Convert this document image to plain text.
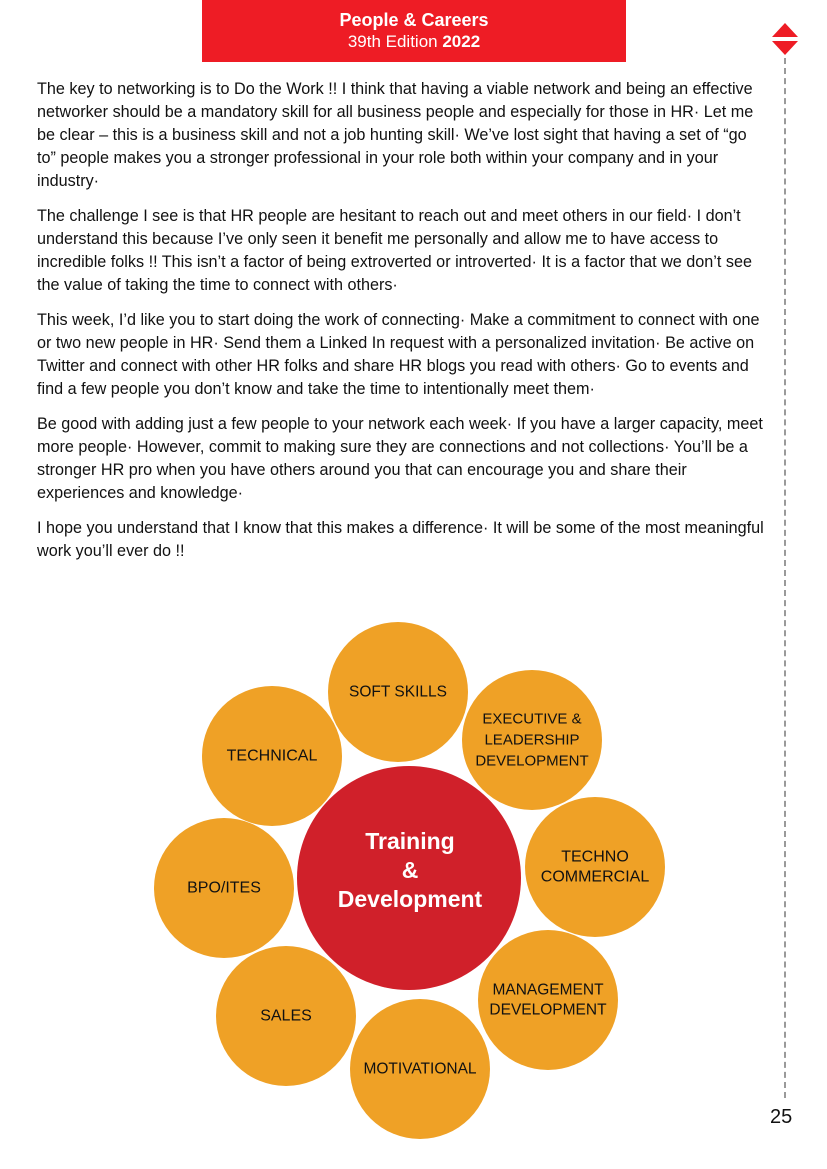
People & Careers
39th Edition 2022

The key to networking is to Do the Work !! I think that having a viable network and being an effective networker should be a mandatory skill for all business people and especially for those in HR· Let me be clear – this is a business skill and not a job hunting skill· We’ve lost sight that having a set of “go to” people makes you a stronger professional in your role both within your company and in your industry·

The challenge I see is that HR people are hesitant to reach out and meet others in our field· I don’t understand this because I’ve only seen it benefit me personally and allow me to have access to incredible folks !! This isn’t a factor of being extroverted or introverted· It is a factor that we don’t see the value of taking the time to connect with others·

This week, I’d like you to start doing the work of connecting· Make a commitment to connect with one or two new people in HR· Send them a Linked In request with a personalized invitation· Be active on Twitter and connect with other HR folks and share HR blogs you read with others· Go to events and find a few people you don’t know and take the time to intentionally meet them·

Be good with adding just a few people to your network each week· If you have a larger capacity, meet more people· However, commit to making sure they are connections and not collections· You’ll be a stronger HR pro when you have others around you that can encourage you and share their experiences and knowledge·

I hope you understand that I know that this makes a difference· It will be some of the most meaningful work you’ll ever do !!

SOFT SKILLS
EXECUTIVE &
LEADERSHIP
DEVELOPMENT
TECHNO
COMMERCIAL
MANAGEMENT
DEVELOPMENT
MOTIVATIONAL
SALES
BPO/ITES
TECHNICAL
Training
&
Development
25
